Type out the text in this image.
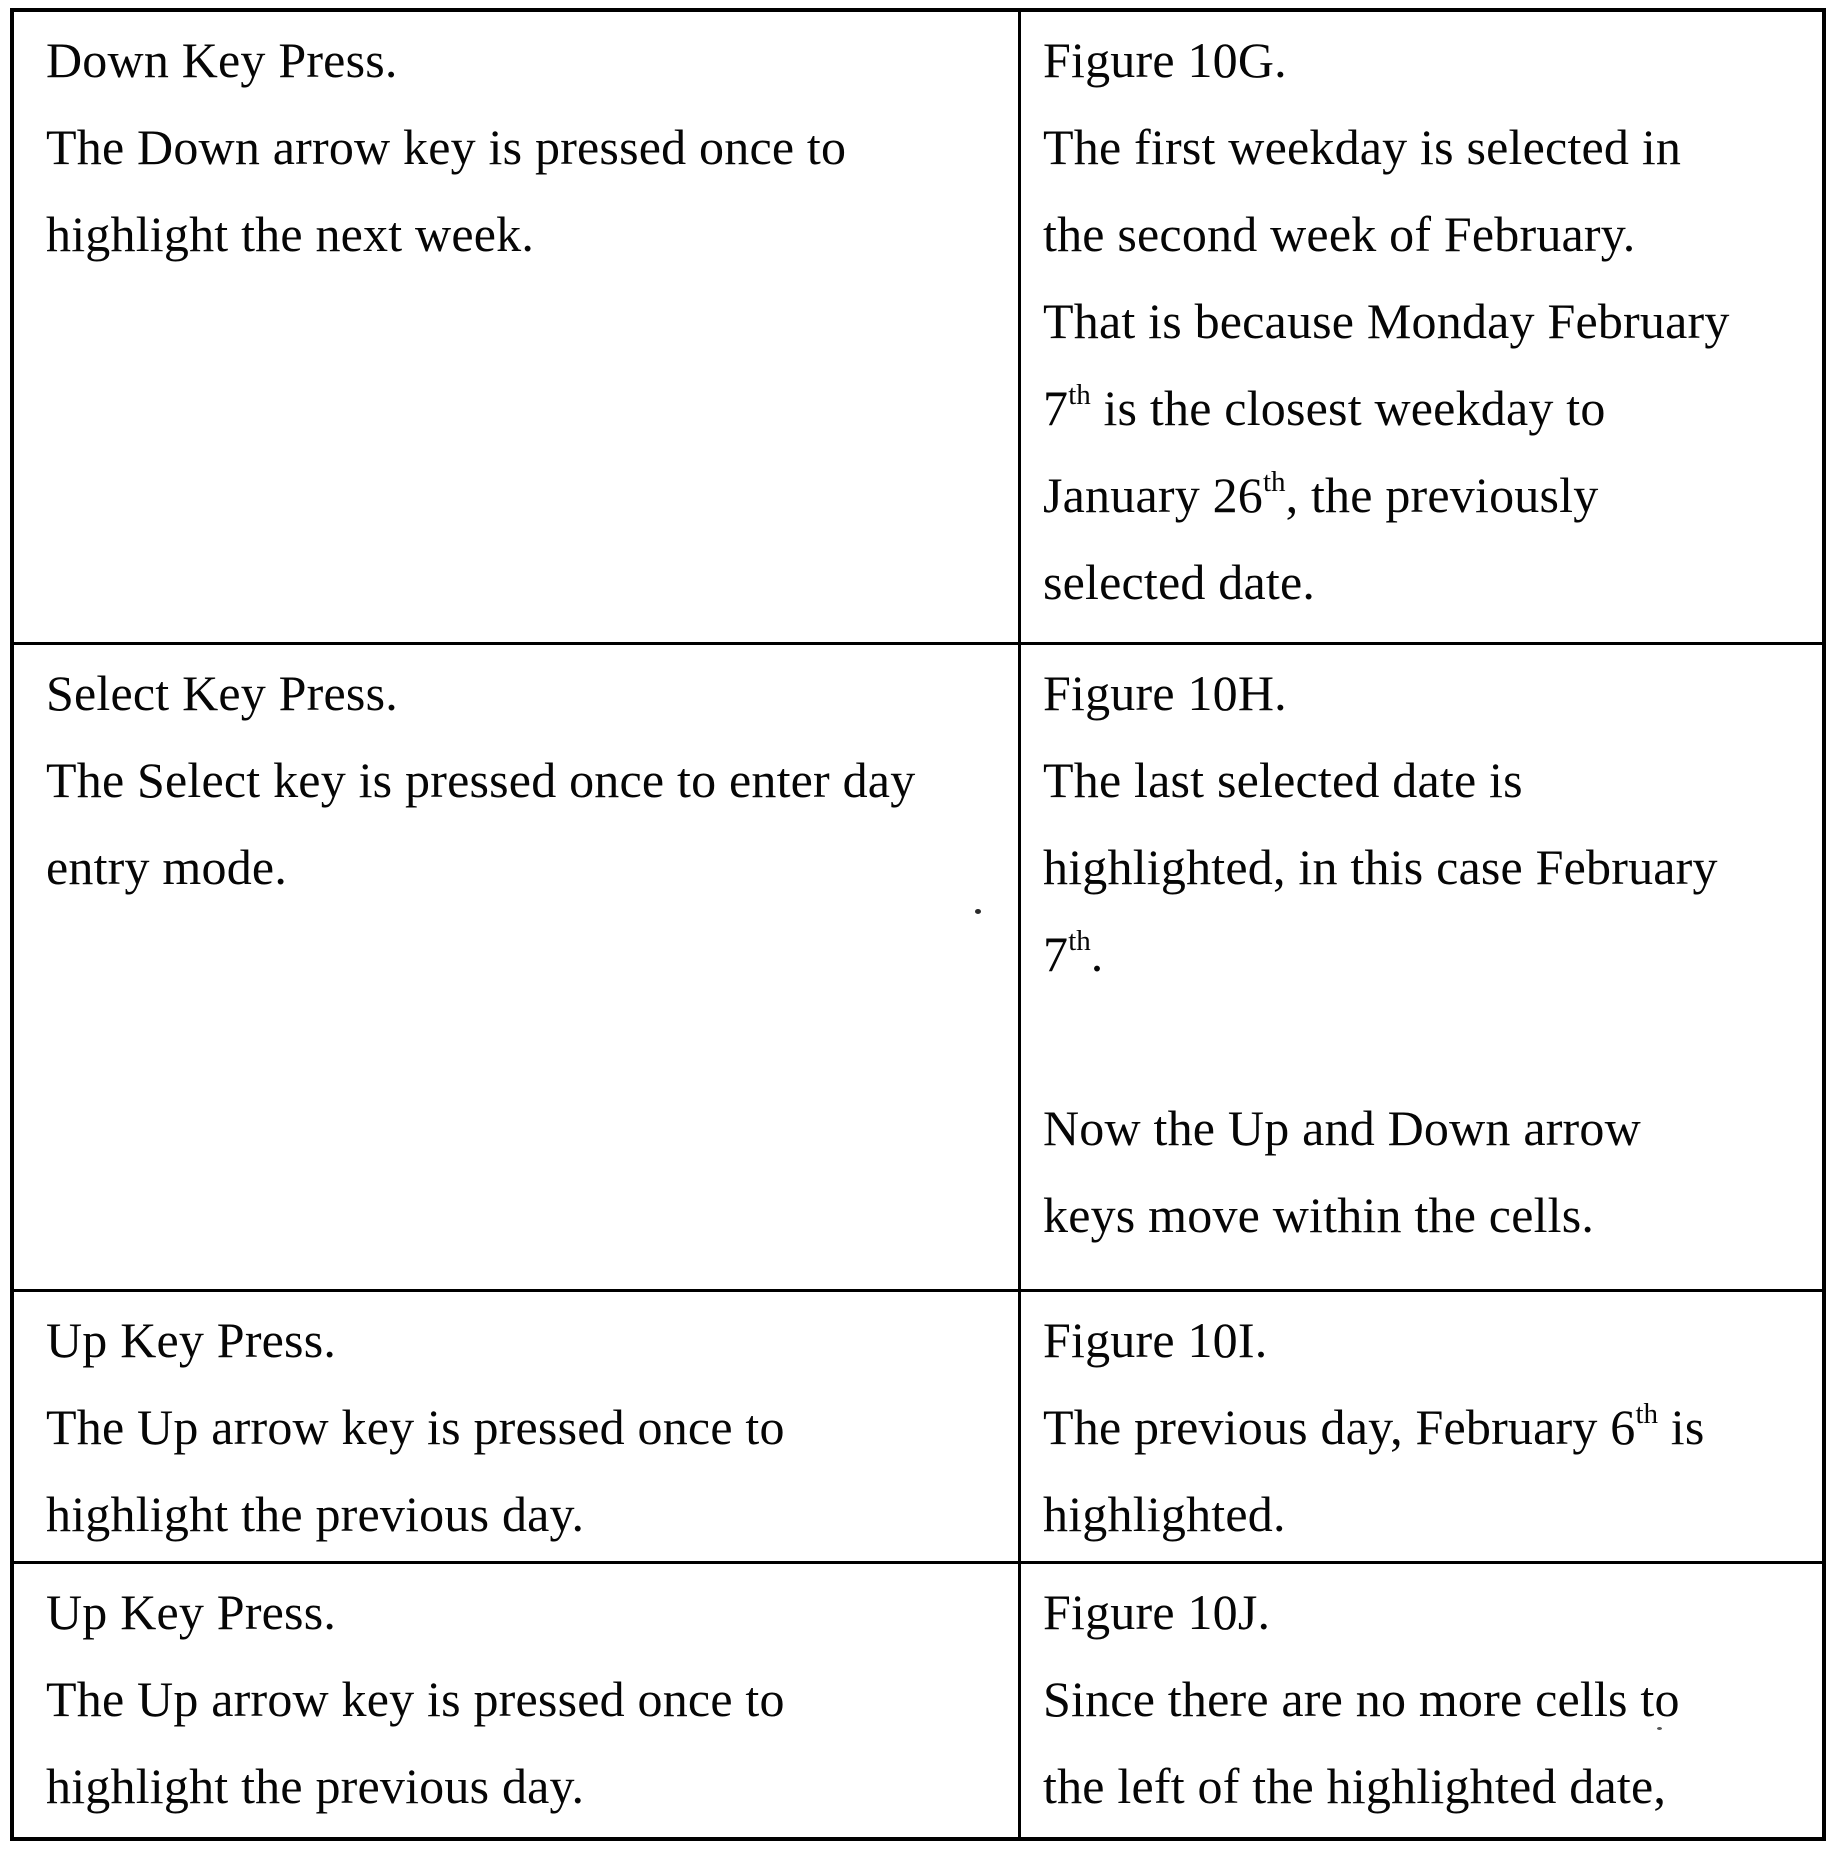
Down Key Press.
The Down arrow key is pressed once to
highlight the next week.
Figure 10G.
The first weekday is selected in
the second week of February.
That is because Monday February
7th is the closest weekday to
January 26th, the previously
selected date.
Select Key Press.
The Select key is pressed once to enter day
entry mode.
Figure 10H.
The last selected date is
highlighted, in this case February
7th.

Now the Up and Down arrow
keys move within the cells.
Up Key Press.
The Up arrow key is pressed once to
highlight the previous day.
Figure 10I.
The previous day, February 6th is
highlighted.
Up Key Press.
The Up arrow key is pressed once to
highlight the previous day.
Figure 10J.
Since there are no more cells to
the left of the highlighted date,
